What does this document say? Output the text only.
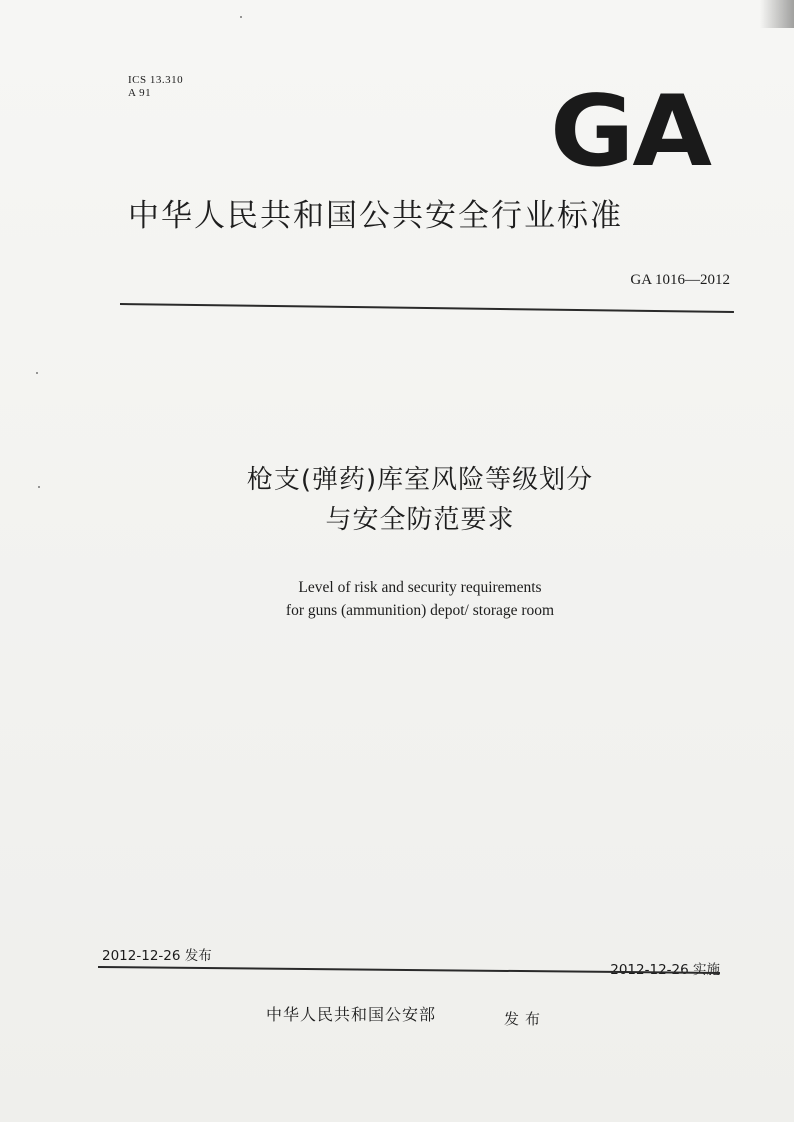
ICS 13.310
A 91	GA
中华人民共和国公共安全行业标准
GA 1016—2012
枪支(弹药)库室风险等级划分
与安全防范要求
Level of risk and security requirements
for guns (ammunition) depot/ storage room
2012-12-26 发布
2012-12-26 实施
中华人民共和国公安部	发布
